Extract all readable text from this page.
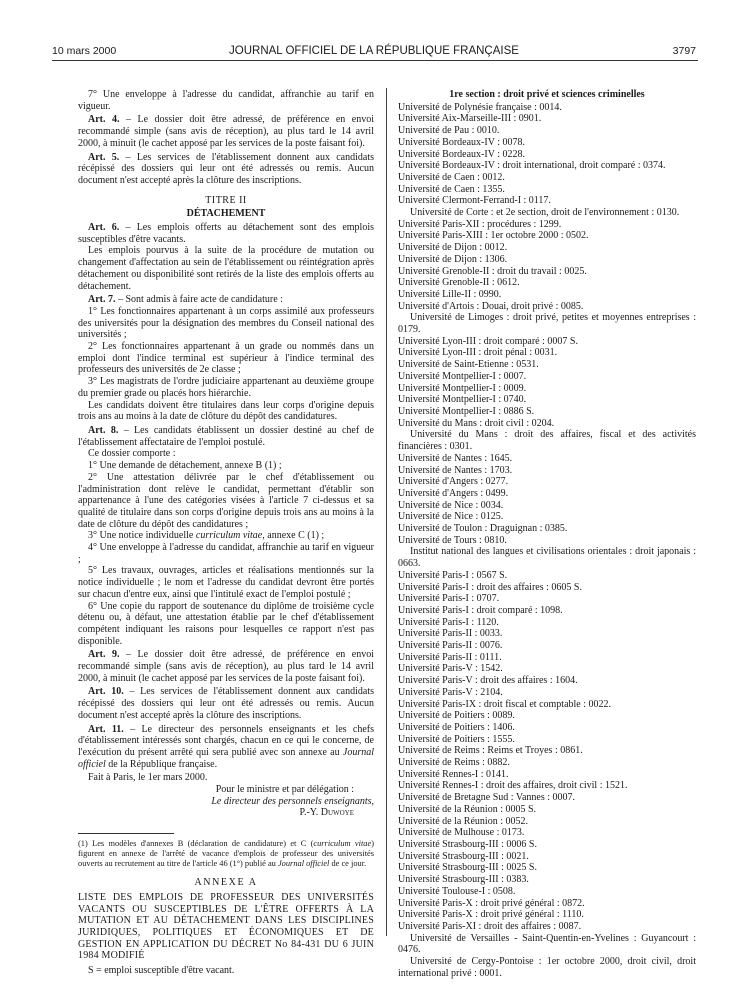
10 mars 2000	JOURNAL OFFICIEL DE LA RÉPUBLIQUE FRANÇAISE	3797

7° Une enveloppe à l'adresse du candidat, affranchie au tarif en vigueur.

Art. 4. – Le dossier doit être adressé, de préférence en envoi recommandé simple (sans avis de réception), au plus tard le 14 avril 2000, à minuit (le cachet apposé par les services de la poste faisant foi).

Art. 5. – Les services de l'établissement donnent aux candidats récépissé des dossiers qui leur ont été adressés ou remis. Aucun document n'est accepté après la clôture des inscriptions.

TITRE II

DÉTACHEMENT

Art. 6. – Les emplois offerts au détachement sont des emplois susceptibles d'être vacants.

Les emplois pourvus à la suite de la procédure de mutation ou changement d'affectation au sein de l'établissement ou réintégration après détachement ou disponibilité sont retirés de la liste des emplois offerts au détachement.

Art. 7. – Sont admis à faire acte de candidature :

1° Les fonctionnaires appartenant à un corps assimilé aux professeurs des universités pour la désignation des membres du Conseil national des universités ;

2° Les fonctionnaires appartenant à un grade ou nommés dans un emploi dont l'indice terminal est supérieur à l'indice terminal des professeurs des universités de 2e classe ;

3° Les magistrats de l'ordre judiciaire appartenant au deuxième groupe du premier grade ou placés hors hiérarchie.

Les candidats doivent être titulaires dans leur corps d'origine depuis trois ans au moins à la date de clôture du dépôt des candidatures.

Art. 8. – Les candidats établissent un dossier destiné au chef de l'établissement affectataire de l'emploi postulé.

Ce dossier comporte :

1° Une demande de détachement, annexe B (1) ;

2° Une attestation délivrée par le chef d'établissement ou l'administration dont relève le candidat, permettant d'établir son appartenance à l'une des catégories visées à l'article 7 ci-dessus et sa qualité de titulaire dans son corps d'origine depuis trois ans au moins à la date de clôture du dépôt des candidatures ;

3° Une notice individuelle curriculum vitae, annexe C (1) ;

4° Une enveloppe à l'adresse du candidat, affranchie au tarif en vigueur ;

5° Les travaux, ouvrages, articles et réalisations mentionnés sur la notice individuelle ; le nom et l'adresse du candidat devront être portés sur chacun d'entre eux, ainsi que l'intitulé exact de l'emploi postulé ;

6° Une copie du rapport de soutenance du diplôme de troisième cycle détenu ou, à défaut, une attestation établie par le chef d'établissement compétent indiquant les raisons pour lesquelles ce rapport n'est pas disponible.

Art. 9. – Le dossier doit être adressé, de préférence en envoi recommandé simple (sans avis de réception), au plus tard le 14 avril 2000, à minuit (le cachet apposé par les services de la poste faisant foi).

Art. 10. – Les services de l'établissement donnent aux candidats récépissé des dossiers qui leur ont été adressés ou remis. Aucun document n'est accepté après la clôture des inscriptions.

Art. 11. – Le directeur des personnels enseignants et les chefs d'établissement intéressés sont chargés, chacun en ce qui le concerne, de l'exécution du présent arrêté qui sera publié avec son annexe au Journal officiel de la République française.

Fait à Paris, le 1er mars 2000.

Pour le ministre et par délégation :

Le directeur des personnels enseignants,

P.-Y. Duwoye

(1) Les modèles d'annexes B (déclaration de candidature) et C (curriculum vitae) figurent en annexe de l'arrêté de vacance d'emplois de professeur des universités ouverts au recrutement au titre de l'article 46 (1°) publié au Journal officiel de ce jour.

ANNEXE A

LISTE DES EMPLOIS DE PROFESSEUR DES UNIVERSITÉS VACANTS OU SUSCEPTIBLES DE L'ÊTRE OFFERTS À LA MUTATION ET AU DÉTACHEMENT DANS LES DISCIPLINES JURIDIQUES, POLITIQUES ET ÉCONOMIQUES ET DE GESTION EN APPLICATION DU DÉCRET No 84-431 DU 6 JUIN 1984 MODIFIÉ

S = emploi susceptible d'être vacant.

1re section : droit privé et sciences criminelles

Université de Polynésie française : 0014.

Université Aix-Marseille-III : 0901.

Université de Pau : 0010.

Université Bordeaux-IV : 0078.

Université Bordeaux-IV : 0228.

Université Bordeaux-IV : droit international, droit comparé : 0374.

Université de Caen : 0012.

Université de Caen : 1355.

Université Clermont-Ferrand-I : 0117.

Université de Corte : et 2e section, droit de l'environnement : 0130.

Université Paris-XII : procédures : 1299.

Université Paris-XIII : 1er octobre 2000 : 0502.

Université de Dijon : 0012.

Université de Dijon : 1306.

Université Grenoble-II : droit du travail : 0025.

Université Grenoble-II : 0612.

Université Lille-II : 0990.

Université d'Artois : Douai, droit privé : 0085.

Université de Limoges : droit privé, petites et moyennes entreprises : 0179.

Université Lyon-III : droit comparé : 0007 S.

Université Lyon-III : droit pénal : 0031.

Université de Saint-Etienne : 0531.

Université Montpellier-I : 0007.

Université Montpellier-I : 0009.

Université Montpellier-I : 0740.

Université Montpellier-I : 0886 S.

Université du Mans : droit civil : 0204.

Université du Mans : droit des affaires, fiscal et des activités financières : 0301.

Université de Nantes : 1645.

Université de Nantes : 1703.

Université d'Angers : 0277.

Université d'Angers : 0499.

Université de Nice : 0034.

Université de Nice : 0125.

Université de Toulon : Draguignan : 0385.

Université de Tours : 0810.

Institut national des langues et civilisations orientales : droit japonais : 0663.

Université Paris-I : 0567 S.

Université Paris-I : droit des affaires : 0605 S.

Université Paris-I : 0707.

Université Paris-I : droit comparé : 1098.

Université Paris-I : 1120.

Université Paris-II : 0033.

Université Paris-II : 0076.

Université Paris-II : 0111.

Université Paris-V : 1542.

Université Paris-V : droit des affaires : 1604.

Université Paris-V : 2104.

Université Paris-IX : droit fiscal et comptable : 0022.

Université de Poitiers : 0089.

Université de Poitiers : 1406.

Université de Poitiers : 1555.

Université de Reims : Reims et Troyes : 0861.

Université de Reims : 0882.

Université Rennes-I : 0141.

Université Rennes-I : droit des affaires, droit civil : 1521.

Université de Bretagne Sud : Vannes : 0007.

Université de la Réunion : 0005 S.

Université de la Réunion : 0052.

Université de Mulhouse : 0173.

Université Strasbourg-III : 0006 S.

Université Strasbourg-III : 0021.

Université Strasbourg-III : 0025 S.

Université Strasbourg-III : 0383.

Université Toulouse-I : 0508.

Université Paris-X : droit privé général : 0872.

Université Paris-X : droit privé général : 1110.

Université Paris-XI : droit des affaires : 0087.

Université de Versailles - Saint-Quentin-en-Yvelines : Guyancourt : 0476.

Université de Cergy-Pontoise : 1er octobre 2000, droit civil, droit international privé : 0001.
